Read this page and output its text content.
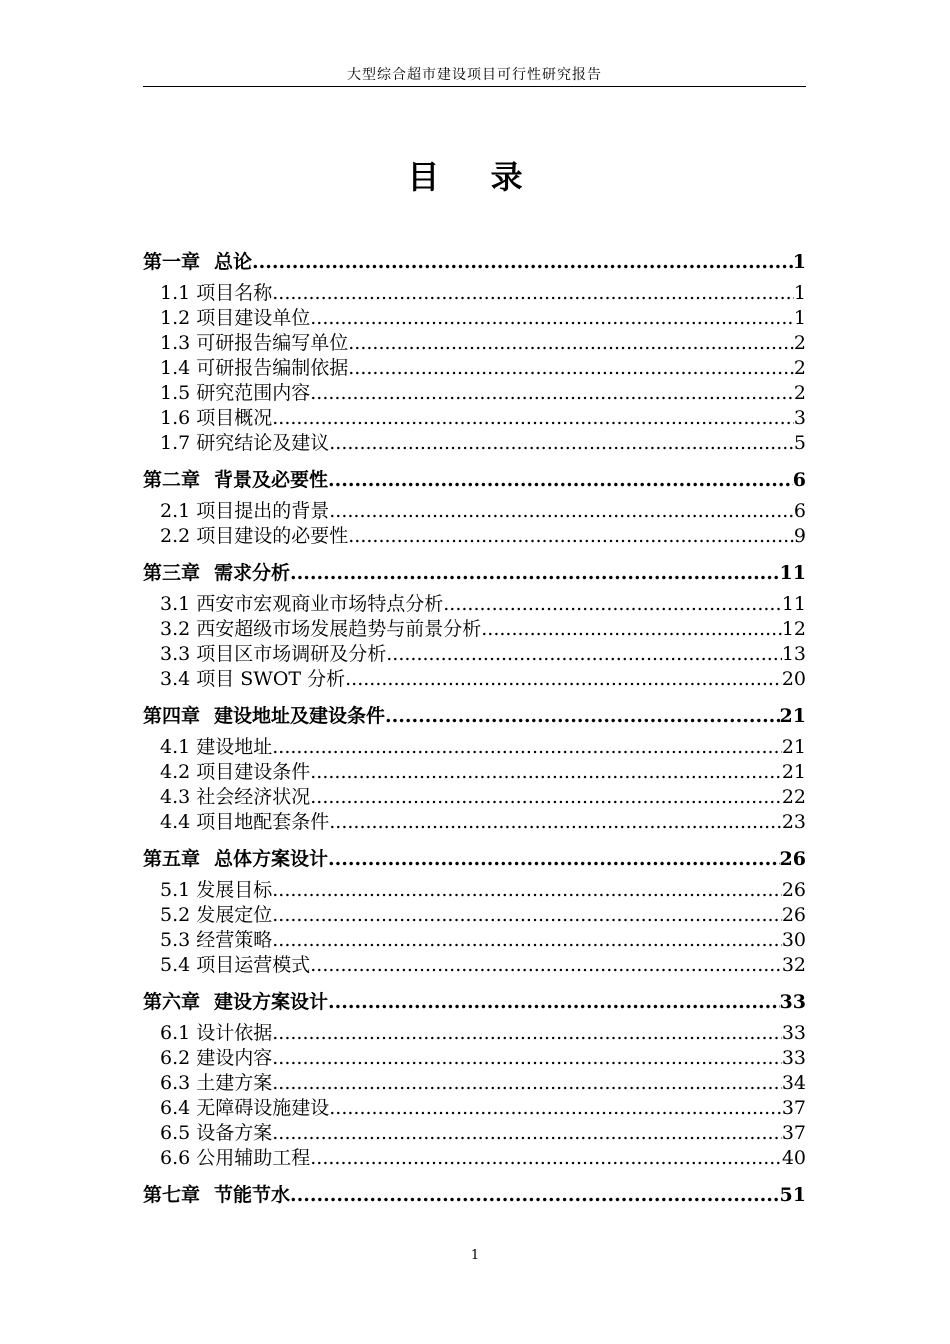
大型综合超市建设项目可行性研究报告
目 录
第一章 总论 .....	1
1.1 项目名称 .....	1
1.2 项目建设单位 .....	1
1.3 可研报告编写单位 .....	2
1.4 可研报告编制依据 .....	2
1.5 研究范围内容 .....	2
1.6 项目概况 .....	3
1.7 研究结论及建议 .....	5
第二章 背景及必要性 .....	6
2.1 项目提出的背景 .....	6
2.2 项目建设的必要性 .....	9
第三章 需求分析 .....	11
3.1 西安市宏观商业市场特点分析 .....	11
3.2 西安超级市场发展趋势与前景分析 .....	12
3.3 项目区市场调研及分析 .....	13
3.4 项目 SWOT 分析 .....	20
第四章 建设地址及建设条件 .....	21
4.1 建设地址 .....	21
4.2 项目建设条件 .....	21
4.3 社会经济状况 .....	22
4.4 项目地配套条件 .....	23
第五章 总体方案设计 .....	26
5.1 发展目标 .....	26
5.2 发展定位 .....	26
5.3 经营策略 .....	30
5.4 项目运营模式 .....	32
第六章 建设方案设计 .....	33
6.1 设计依据 .....	33
6.2 建设内容 .....	33
6.3 土建方案 .....	34
6.4 无障碍设施建设 .....	37
6.5 设备方案 .....	37
6.6 公用辅助工程 .....	40
第七章 节能节水 .....	51
1
